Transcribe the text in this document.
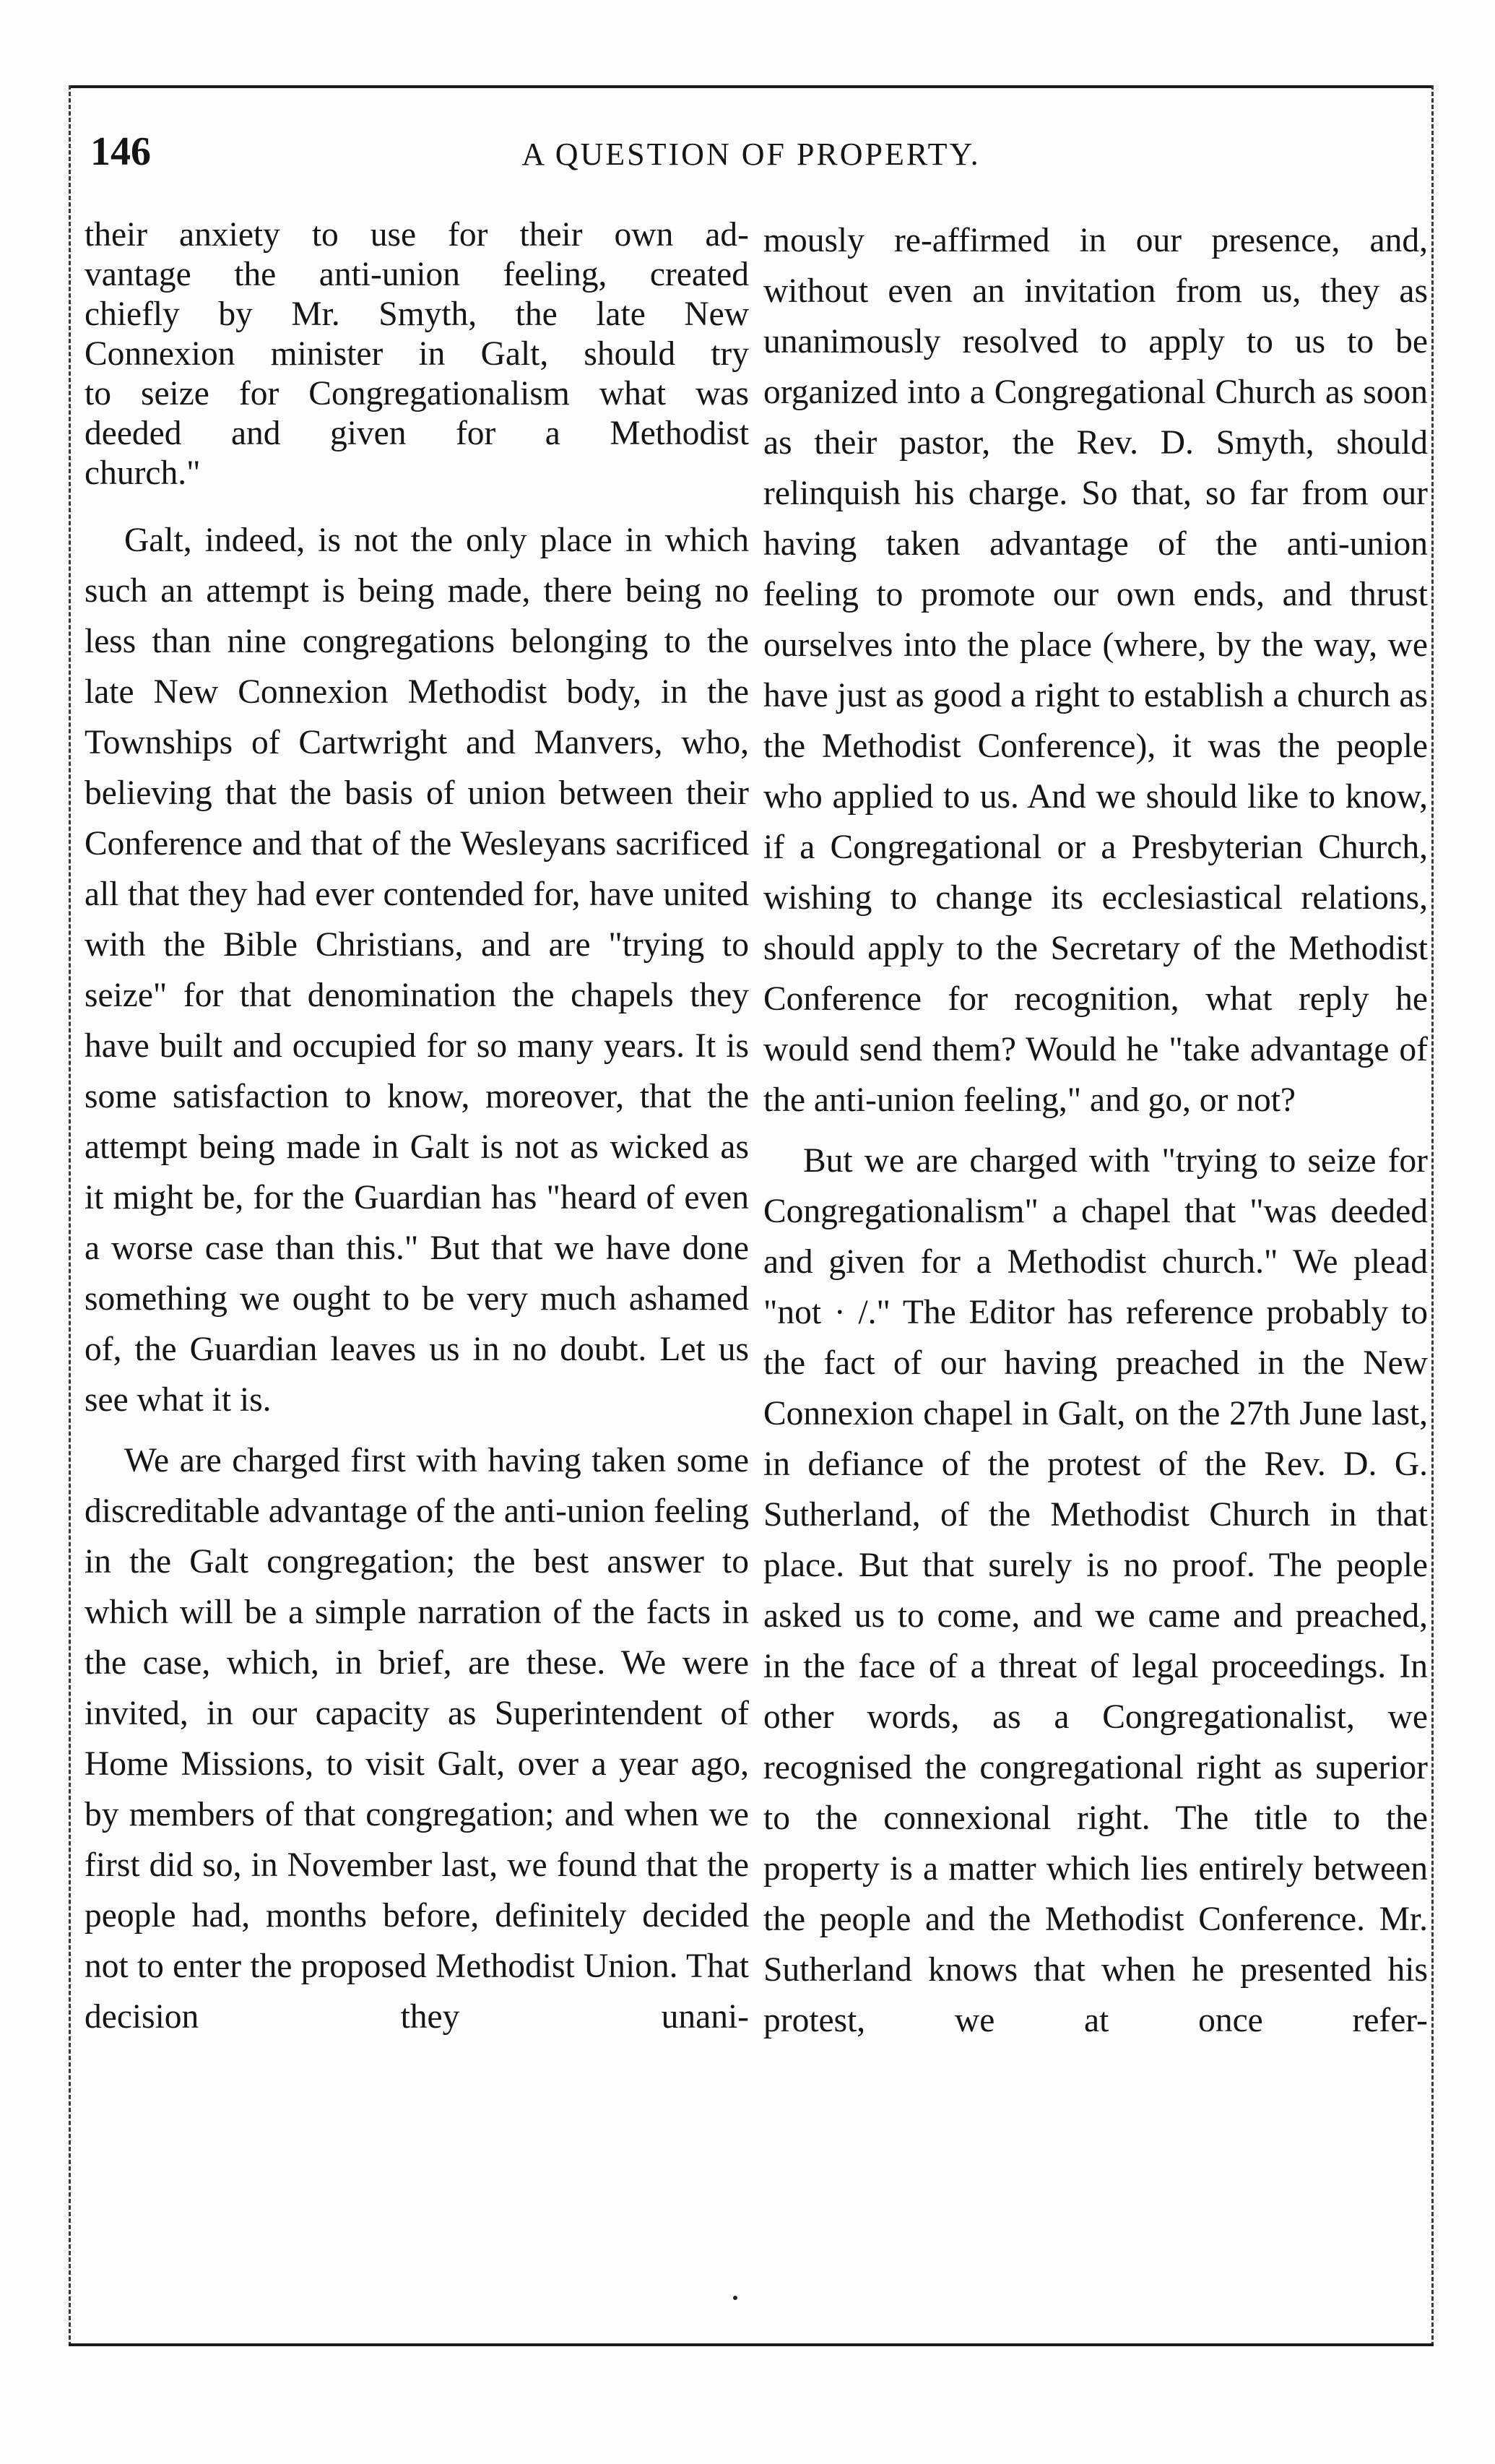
146	A QUESTION OF PROPERTY.

their anxiety to use for their own ad-

vantage the anti-union feeling, created

chiefly by Mr. Smyth, the late New

Connexion minister in Galt, should try

to seize for Congregationalism what was

deeded and given for a Methodist

church."

Galt, indeed, is not the only place in which such an attempt is being made, there being no less than nine congregations belonging to the late New Connexion Methodist body, in the Townships of Cartwright and Manvers, who, believing that the basis of union between their Conference and that of the Wesleyans sacrificed all that they had ever contended for, have united with the Bible Christians, and are "trying to seize" for that denomination the chapels they have built and occupied for so many years. It is some satisfaction to know, moreover, that the attempt being made in Galt is not as wicked as it might be, for the Guardian has "heard of even a worse case than this." But that we have done something we ought to be very much ashamed of, the Guardian leaves us in no doubt. Let us see what it is.

We are charged first with having taken some discreditable advantage of the anti-union feeling in the Galt congregation; the best answer to which will be a simple narration of the facts in the case, which, in brief, are these. We were invited, in our capacity as Superintendent of Home Missions, to visit Galt, over a year ago, by members of that congregation; and when we first did so, in November last, we found that the people had, months before, definitely decided not to enter the proposed Methodist Union. That decision they unani-

mously re-affirmed in our presence, and, without even an invitation from us, they as unanimously resolved to apply to us to be organized into a Congregational Church as soon as their pastor, the Rev. D. Smyth, should relinquish his charge. So that, so far from our having taken advantage of the anti-union feeling to promote our own ends, and thrust ourselves into the place (where, by the way, we have just as good a right to establish a church as the Methodist Conference), it was the people who applied to us. And we should like to know, if a Congregational or a Presbyterian Church, wishing to change its ecclesiastical relations, should apply to the Secretary of the Methodist Conference for recognition, what reply he would send them? Would he "take advantage of the anti-union feeling," and go, or not?

But we are charged with "trying to seize for Congregationalism" a chapel that "was deeded and given for a Methodist church." We plead "not · /." The Editor has reference probably to the fact of our having preached in the New Connexion chapel in Galt, on the 27th June last, in defiance of the protest of the Rev. D. G. Sutherland, of the Methodist Church in that place. But that surely is no proof. The people asked us to come, and we came and preached, in the face of a threat of legal proceedings. In other words, as a Congregationalist, we recognised the congregational right as superior to the connexional right. The title to the property is a matter which lies entirely between the people and the Methodist Conference. Mr. Sutherland knows that when he presented his protest, we at once refer-
